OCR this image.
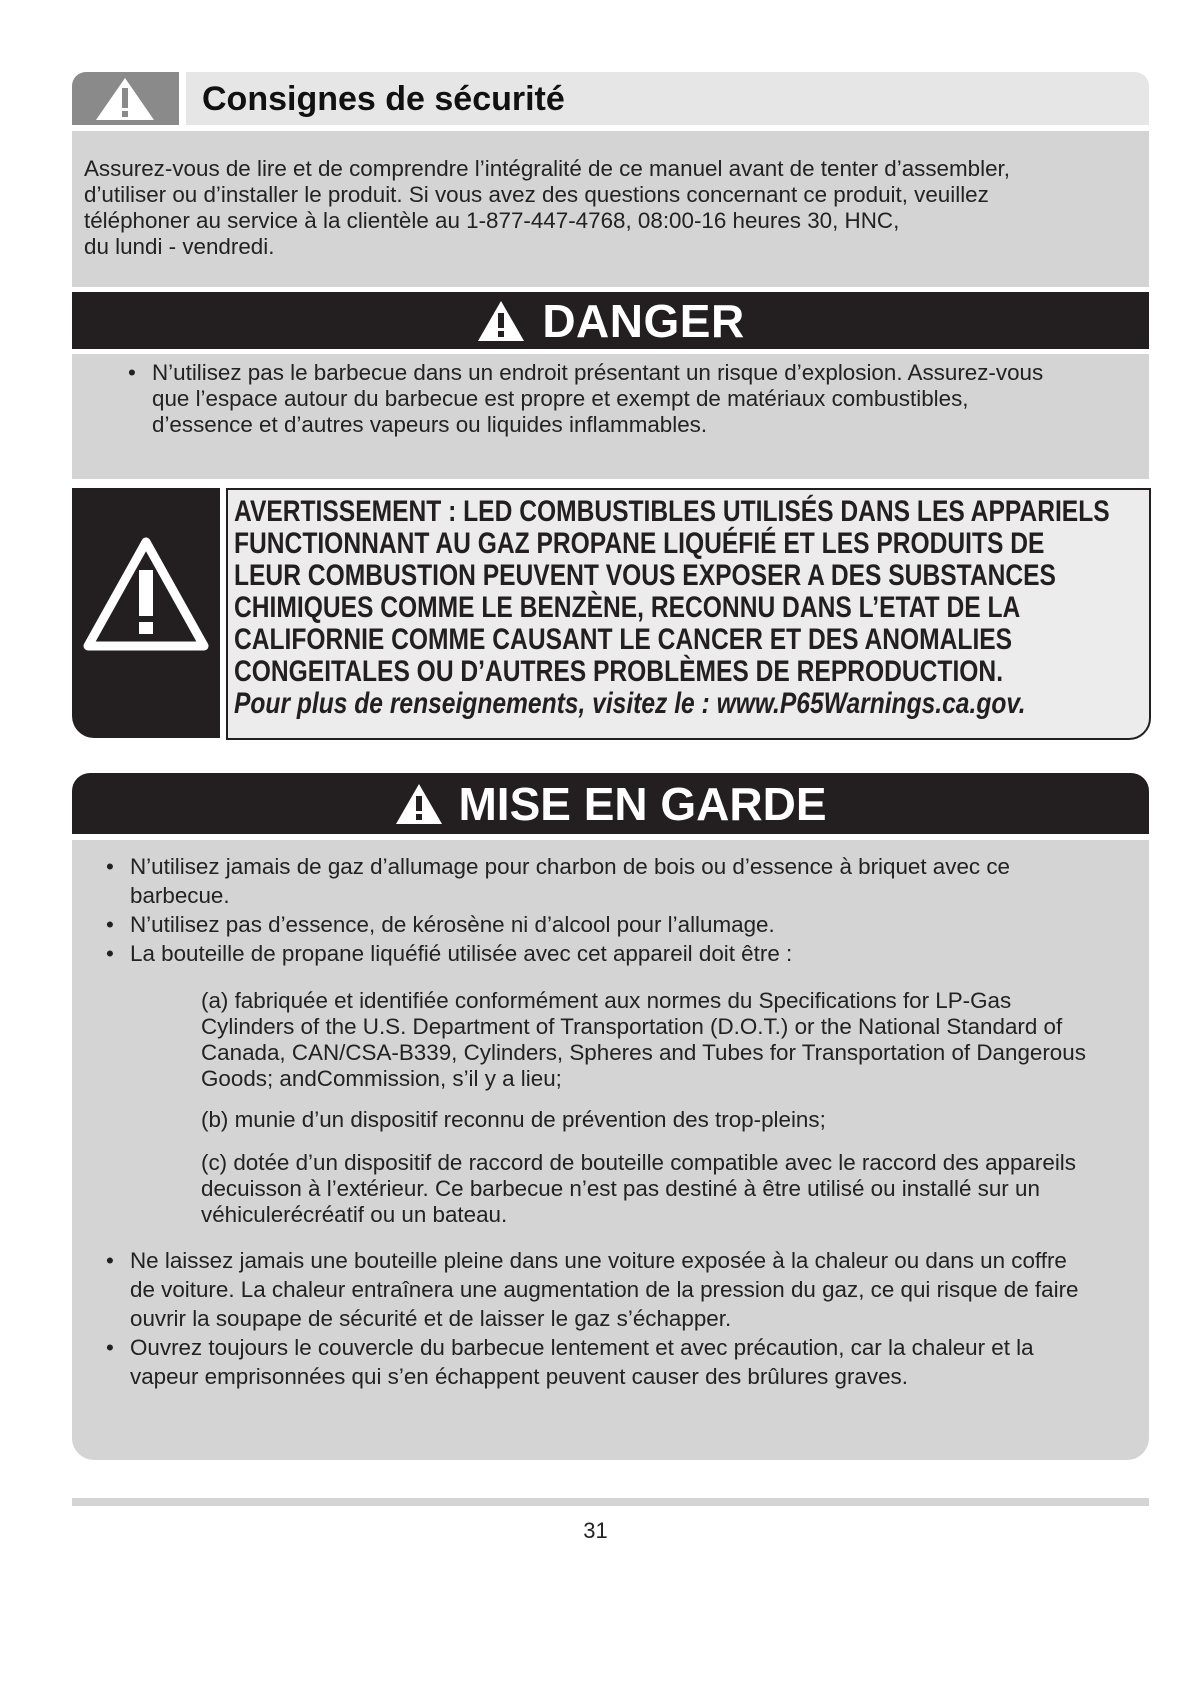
Consignes de sécurité
Assurez-vous de lire et de comprendre l’intégralité de ce manuel avant de tenter d’assembler,
d’utiliser ou d’installer le produit. Si vous avez des questions concernant ce produit, veuillez
téléphoner au service à la clientèle au 1-877-447-4768, 08:00-16 heures 30, HNC,
du lundi - vendredi.
DANGER
• N’utilisez pas le barbecue dans un endroit présentant un risque d’explosion. Assurez-vous
que l’espace autour du barbecue est propre et exempt de matériaux combustibles,
d’essence et d’autres vapeurs ou liquides inflammables.
AVERTISSEMENT : LED COMBUSTIBLES UTILISÉS DANS LES APPARIELS
FUNCTIONNANT AU GAZ PROPANE LIQUÉFIÉ ET LES PRODUITS DE
LEUR COMBUSTION PEUVENT VOUS EXPOSER A DES SUBSTANCES
CHIMIQUES COMME LE BENZÈNE, RECONNU DANS L’ETAT DE LA
CALIFORNIE COMME CAUSANT LE CANCER ET DES ANOMALIES
CONGEITALES OU D’AUTRES PROBLÈMES DE REPRODUCTION.
Pour plus de renseignements, visitez le : www.P65Warnings.ca.gov.
MISE EN GARDE
• N’utilisez jamais de gaz d’allumage pour charbon de bois ou d’essence à briquet avec ce
barbecue.
• N’utilisez pas d’essence, de kérosène ni d’alcool pour l’allumage.
• La bouteille de propane liquéfié utilisée avec cet appareil doit être :
(a) fabriquée et identifiée conformément aux normes du Specifications for LP-Gas
Cylinders of the U.S. Department of Transportation (D.O.T.) or the National Standard of
Canada, CAN/CSA-B339, Cylinders, Spheres and Tubes for Transportation of Dangerous
Goods; andCommission, s’il y a lieu;
(b) munie d’un dispositif reconnu de prévention des trop-pleins;
(c) dotée d’un dispositif de raccord de bouteille compatible avec le raccord des appareils
decuisson à l’extérieur. Ce barbecue n’est pas destiné à être utilisé ou installé sur un
véhiculerécréatif ou un bateau.
• Ne laissez jamais une bouteille pleine dans une voiture exposée à la chaleur ou dans un coffre
de voiture. La chaleur entraînera une augmentation de la pression du gaz, ce qui risque de faire
ouvrir la soupape de sécurité et de laisser le gaz s’échapper.
• Ouvrez toujours le couvercle du barbecue lentement et avec précaution, car la chaleur et la
vapeur emprisonnées qui s’en échappent peuvent causer des brûlures graves.
31
